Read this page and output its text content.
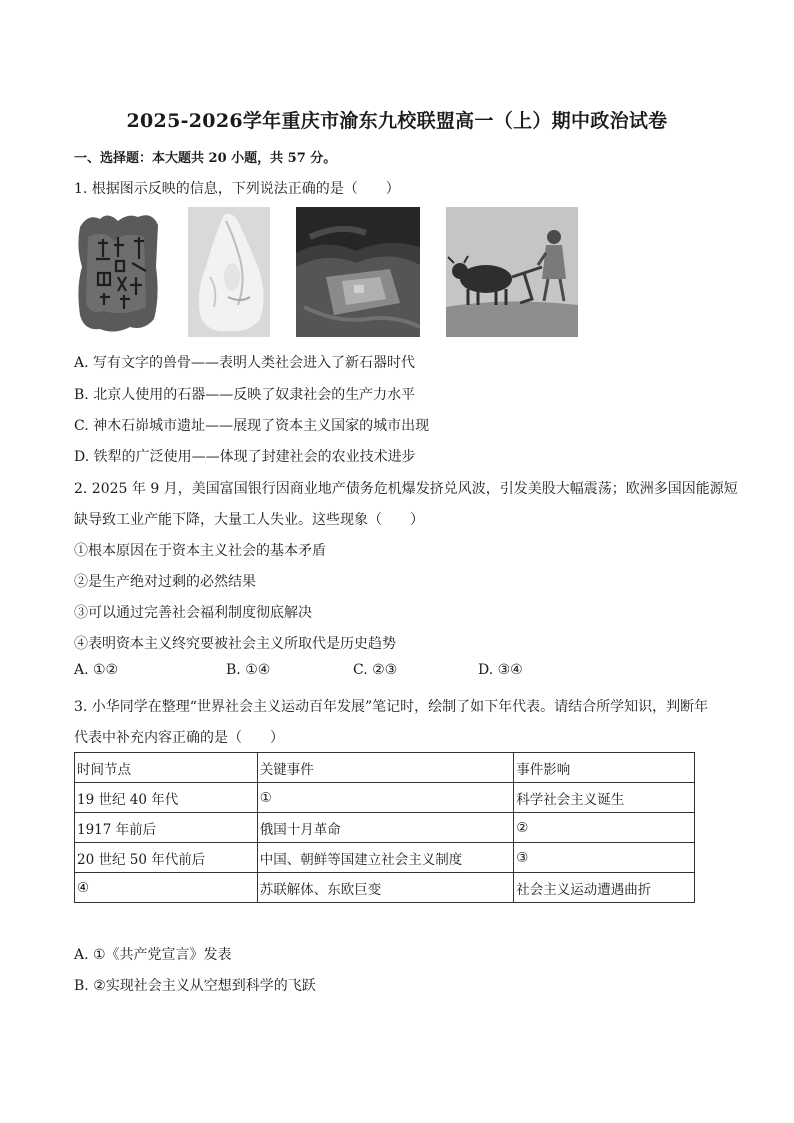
2025-2026学年重庆市渝东九校联盟高一（上）期中政治试卷
一、选择题：本大题共 20 小题，共 57 分。
1. 根据图示反映的信息，下列说法正确的是（　　）
A. 写有文字的兽骨——表明人类社会进入了新石器时代
B. 北京人使用的石器——反映了奴隶社会的生产力水平
C. 神木石峁城市遗址——展现了资本主义国家的城市出现
D. 铁犁的广泛使用——体现了封建社会的农业技术进步
2. 2025 年 9 月，美国富国银行因商业地产债务危机爆发挤兑风波，引发美股大幅震荡；欧洲多国因能源短
缺导致工业产能下降，大量工人失业。这些现象（　　）
①根本原因在于资本主义社会的基本矛盾
②是生产绝对过剩的必然结果
③可以通过完善社会福利制度彻底解决
④表明资本主义终究要被社会主义所取代是历史趋势
A. ①②	B. ①④	C. ②③	D. ③④
3. 小华同学在整理“世界社会主义运动百年发展”笔记时，绘制了如下年代表。请结合所学知识，判断年
代表中补充内容正确的是（　　）
时间节点	关键事件	事件影响
19 世纪 40 年代	①	科学社会主义诞生
1917 年前后	俄国十月革命	②
20 世纪 50 年代前后	中国、朝鲜等国建立社会主义制度	③
④	苏联解体、东欧巨变	社会主义运动遭遇曲折
A. ①《共产党宣言》发表
B. ②实现社会主义从空想到科学的飞跃
